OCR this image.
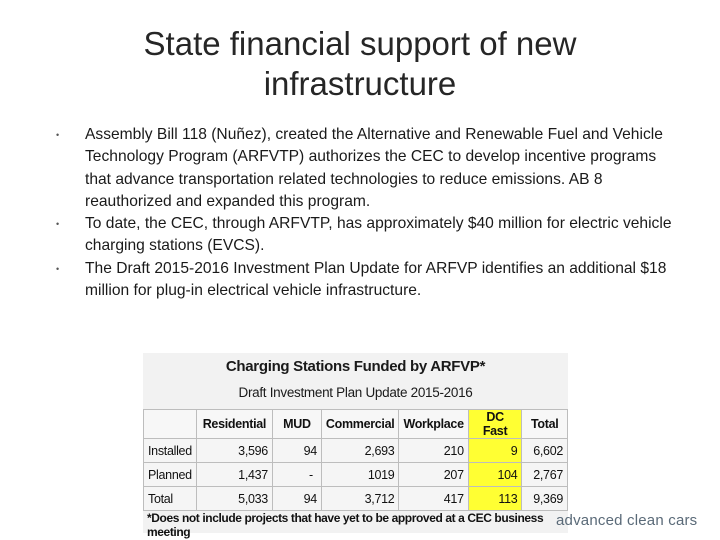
State financial support of new infrastructure
• Assembly Bill 118 (Nuñez), created the Alternative and Renewable Fuel and Vehicle Technology Program (ARFVTP) authorizes the CEC to develop incentive programs that advance transportation related technologies to reduce emissions. AB 8 reauthorized and expanded this program.
• To date, the CEC, through ARFVTP, has approximately $40 million for electric vehicle charging stations (EVCS).
• The Draft 2015-2016 Investment Plan Update for ARFVP identifies an additional $18 million for plug-in electrical vehicle infrastructure.
Charging Stations Funded by ARFVP*
Draft Investment Plan Update 2015-2016
	Residential	MUD	Commercial	Workplace	DC Fast	Total
Installed	3,596	94	2,693	210	9	6,602
Planned	1,437	-	1019	207	104	2,767
Total	5,033	94	3,712	417	113	9,369
*Does not include projects that have yet to be approved at a CEC business meeting
advanced clean cars
